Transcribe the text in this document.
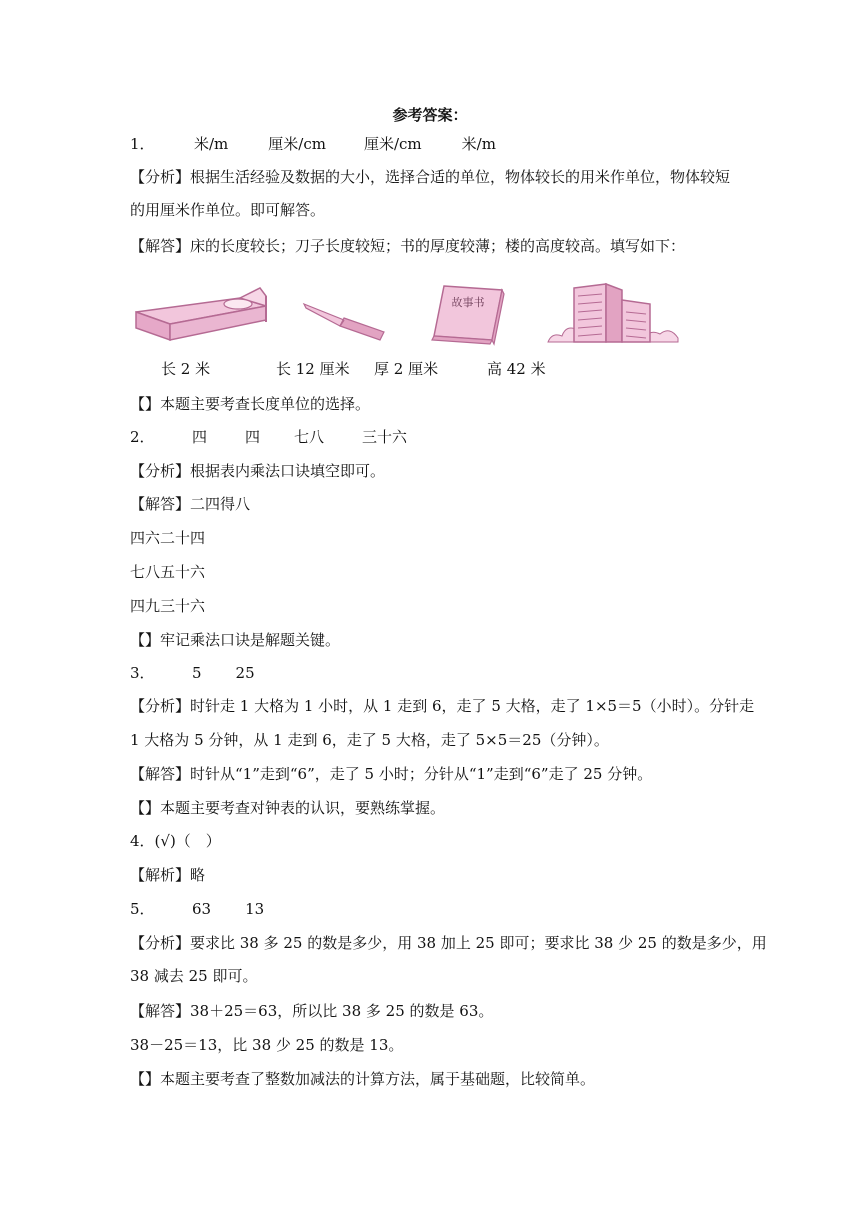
参考答案：
1．	米/m	厘米/cm	厘米/cm	米/m
【分析】根据生活经验及数据的大小，选择合适的单位，物体较长的用米作单位，物体较短
的用厘米作单位。即可解答。
【解答】床的长度较长；刀子长度较短；书的厚度较薄；楼的高度较高。填写如下：
故事书
长 2 米	长 12 厘米 厚 2 厘米	高 42 米
【】本题主要考查长度单位的选择。
2． 四	四 七八	三十六
【分析】根据表内乘法口诀填空即可。
【解答】二四得八
四六二十四
七八五十六
四九三十六
【】牢记乘法口诀是解题关键。
3． 5 25
【分析】时针走 1 大格为 1 小时，从 1 走到 6，走了 5 大格，走了 1×5＝5（小时）。分针走
1 大格为 5 分钟，从 1 走到 6，走了 5 大格，走了 5×5＝25（分钟）。
【解答】时针从“1”走到“6”，走了 5 小时；分针从“1”走到“6”走了 25 分钟。
【】本题主要考查对钟表的认识，要熟练掌握。
4．(√)（　）
【解析】略
5． 63 13
【分析】要求比 38 多 25 的数是多少，用 38 加上 25 即可；要求比 38 少 25 的数是多少，用
38 减去 25 即可。
【解答】38＋25＝63，所以比 38 多 25 的数是 63。
38－25＝13，比 38 少 25 的数是 13。
【】本题主要考查了整数加减法的计算方法，属于基础题，比较简单。
